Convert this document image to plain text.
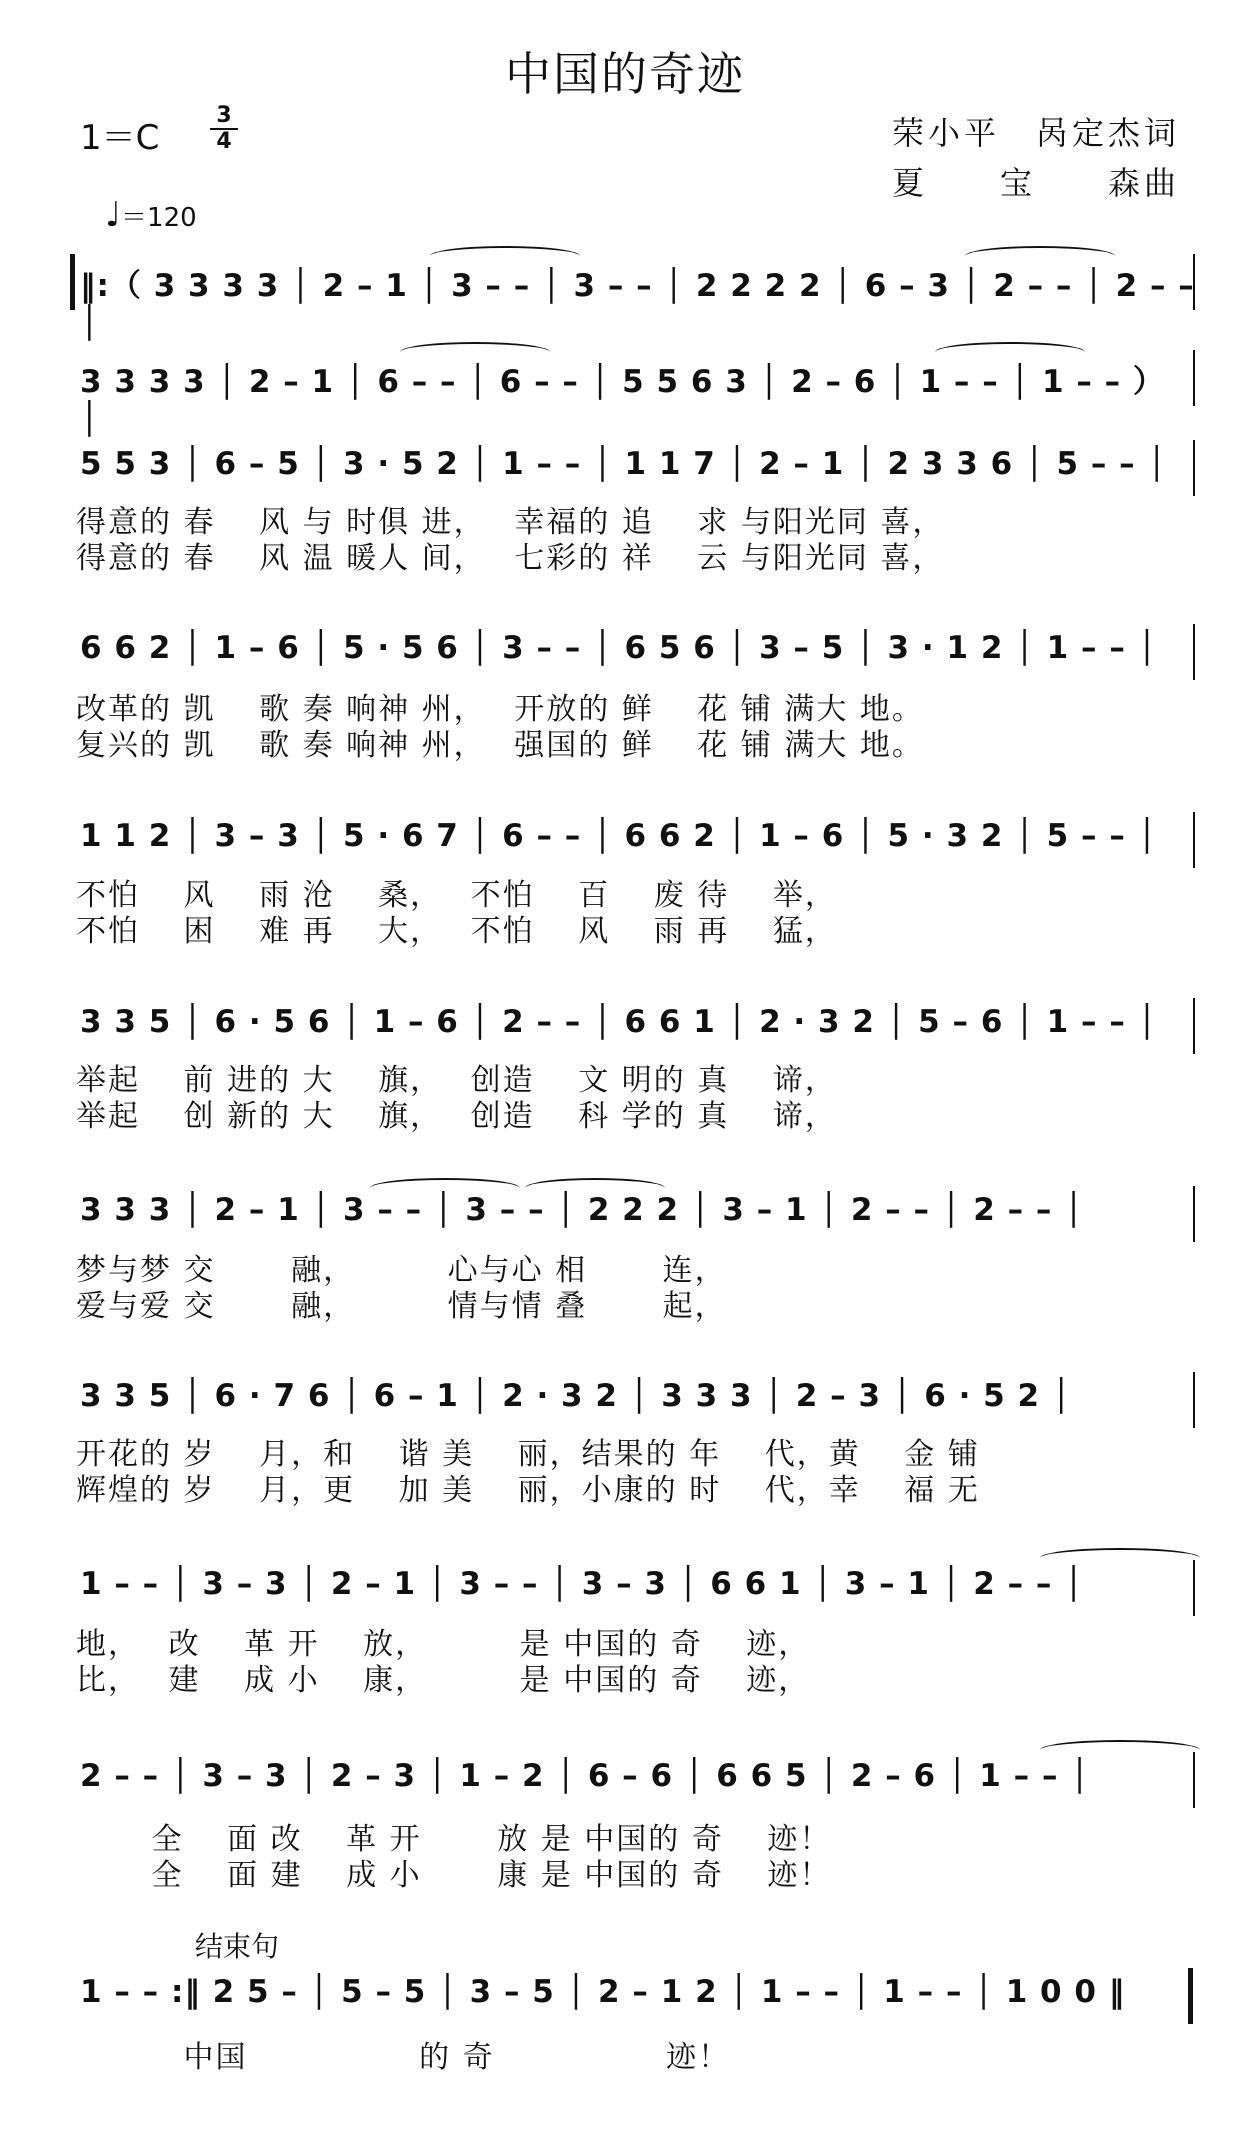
中国的奇迹
1＝C
3
4
♩＝120
荣小平　呙定杰词
夏　　宝　　森曲
‖:（ 3 3 3 3 │ 2 – 1 │ 3 – – │ 3 – – │ 2 2 2 2 │ 6 – 3 │ 2 – – │ 2 – – │
3 3 3 3 │ 2 – 1 │ 6 – – │ 6 – – │ 5 5 6 3 │ 2 – 6 │ 1 – – │ 1 – – ） │
5 5 3 │ 6 – 5 │ 3 · 5 2 │ 1 – – │ 1 1 7 │ 2 – 1 │ 2 3 3 6 │ 5 – – │
得意的 春　 风 与 时俱 进，　 幸福的 追　 求 与阳光同 喜，
得意的 春　 风 温 暖人 间，　 七彩的 祥　 云 与阳光同 喜，
6 6 2 │ 1 – 6 │ 5 · 5 6 │ 3 – – │ 6 5 6 │ 3 – 5 │ 3 · 1 2 │ 1 – – │
改革的 凯　 歌 奏 响神 州，　 开放的 鲜　 花 铺 满大 地。
复兴的 凯　 歌 奏 响神 州，　 强国的 鲜　 花 铺 满大 地。
1 1 2 │ 3 – 3 │ 5 · 6 7 │ 6 – – │ 6 6 2 │ 1 – 6 │ 5 · 3 2 │ 5 – – │
不怕　 风　 雨 沧　 桑，　 不怕　 百　 废 待　 举，
不怕　 困　 难 再　 大，　 不怕　 风　 雨 再　 猛，
3 3 5 │ 6 · 5 6 │ 1 – 6 │ 2 – – │ 6 6 1 │ 2 · 3 2 │ 5 – 6 │ 1 – – │
举起　 前 进的 大　 旗，　 创造　 文 明的 真　 谛，
举起　 创 新的 大　 旗，　 创造　 科 学的 真　 谛，
3 3 3 │ 2 – 1 │ 3 – – │ 3 – – │ 2 2 2 │ 3 – 1 │ 2 – – │ 2 – – │
梦与梦 交　　 融，　　　 心与心 相　　 连，
爱与爱 交　　 融，　　　 情与情 叠　　 起，
3 3 5 │ 6 · 7 6 │ 6 – 1 │ 2 · 3 2 │ 3 3 3 │ 2 – 3 │ 6 · 5 2 │
开花的 岁　 月，和　 谐 美　 丽，结果的 年　 代，黄　 金 铺
辉煌的 岁　 月，更　 加 美　 丽，小康的 时　 代，幸　 福 无
1 – – │ 3 – 3 │ 2 – 1 │ 3 – – │ 3 – 3 │ 6 6 1 │ 3 – 1 │ 2 – – │
地，　 改　 革 开　 放，　　　 是 中国的 奇　 迹，
比，　 建　 成 小　 康，　　　 是 中国的 奇　 迹，
2 – – │ 3 – 3 │ 2 – 3 │ 1 – 2 │ 6 – 6 │ 6 6 5 │ 2 – 6 │ 1 – – │
　　 全　 面 改　 革 开　　 放 是 中国的 奇　 迹！
　　 全　 面 建　 成 小　　 康 是 中国的 奇　 迹！
结束句
1 – – :‖ 2 5 – │ 5 – 5 │ 3 – 5 │ 2 – 1 2 │ 1 – – │ 1 – – │ 1 0 0 ‖
　　　 中国　　　　　 的 奇　　　　　 迹！
